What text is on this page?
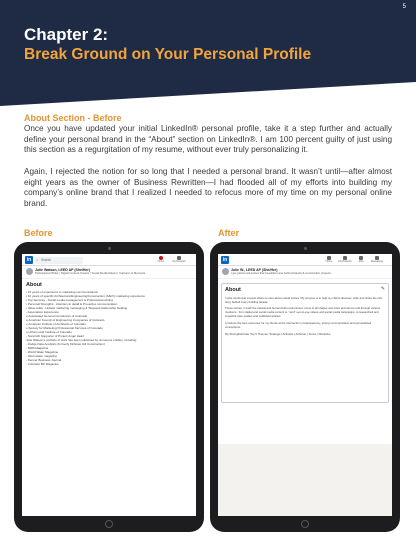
5
Chapter 2:
Break Ground on Your Personal Profile
About Section - Before
Once you have updated your initial LinkedIn® personal profile, take it a step further and actually define your personal brand in the “About” section on LinkedIn®. I am 100 percent guilty of just using this section as a regurgitation of my resume, without ever truly personalizing it.
Again, I rejected the notion for so long that I needed a personal brand. It wasn’t until—after almost eight years as the owner of Business Rewritten—I had flooded all of my efforts into building my company’s online brand that I realized I needed to refocus more of my time on my personal online brand.
Before	After
in	⌕ Search	Home	My Network
Julie Watson, LEED AP (She/Her)
Professional Writer | Digital Content Creator | Social Media Maven | Capturer of Moments
About
• 15 years of experience in marketing communications
• 10 years of specific Architecture/Engineering/Construction (A/E/C) marketing experience
• Top Services - Social media management & Professional writing
• Personal Strengths - Attention to detail & Pro-active communication
• Value Adds - Holistic marketing messaging & Targeted relationship building
- Association Experience
o Associated General Contractors of Colorado
o American Council of Engineering Companies of Colorado
o American Institute of Architects of Colorado
o Society for Marketing Professional Services of Colorado
o Urban Land Institute of Colorado
- Nonprofit Supporter of Project Angel Heart
Julie Watson’s portfolio of work has been published by numerous entities, including:
- Dodge Data Analytics (formerly McGraw Hill Construction)
- 5280 Magazine
- World Water Magazine
- Stormwater magazine
- Denver Business Journal
- Colorado Biz Magazine
in	Home	My Network	Jobs	Messaging
Julie W., LEED AP (She/Her)
I get paid to tell stories that beautiful mess behind brands & construction projects
About	✎
I write words that compel others to care about untold stories. My purpose is to help my clients discover, write and share the raw story behind every building façade.
These stories, in both the natural and human-built environment, come in all shapes and sizes and can be told through various mediums - from digital and social media content to “nerd” eye-to-eye videos and social media campaigns, to researched and impactful case studies and published articles.
I produce the best outcomes for my clients at the intersection of transparency, strong communication and personalized connections.
My StrengthsFinder Top 5 Themes: Strategic | Activator | Achiever | Focus | Discipline
